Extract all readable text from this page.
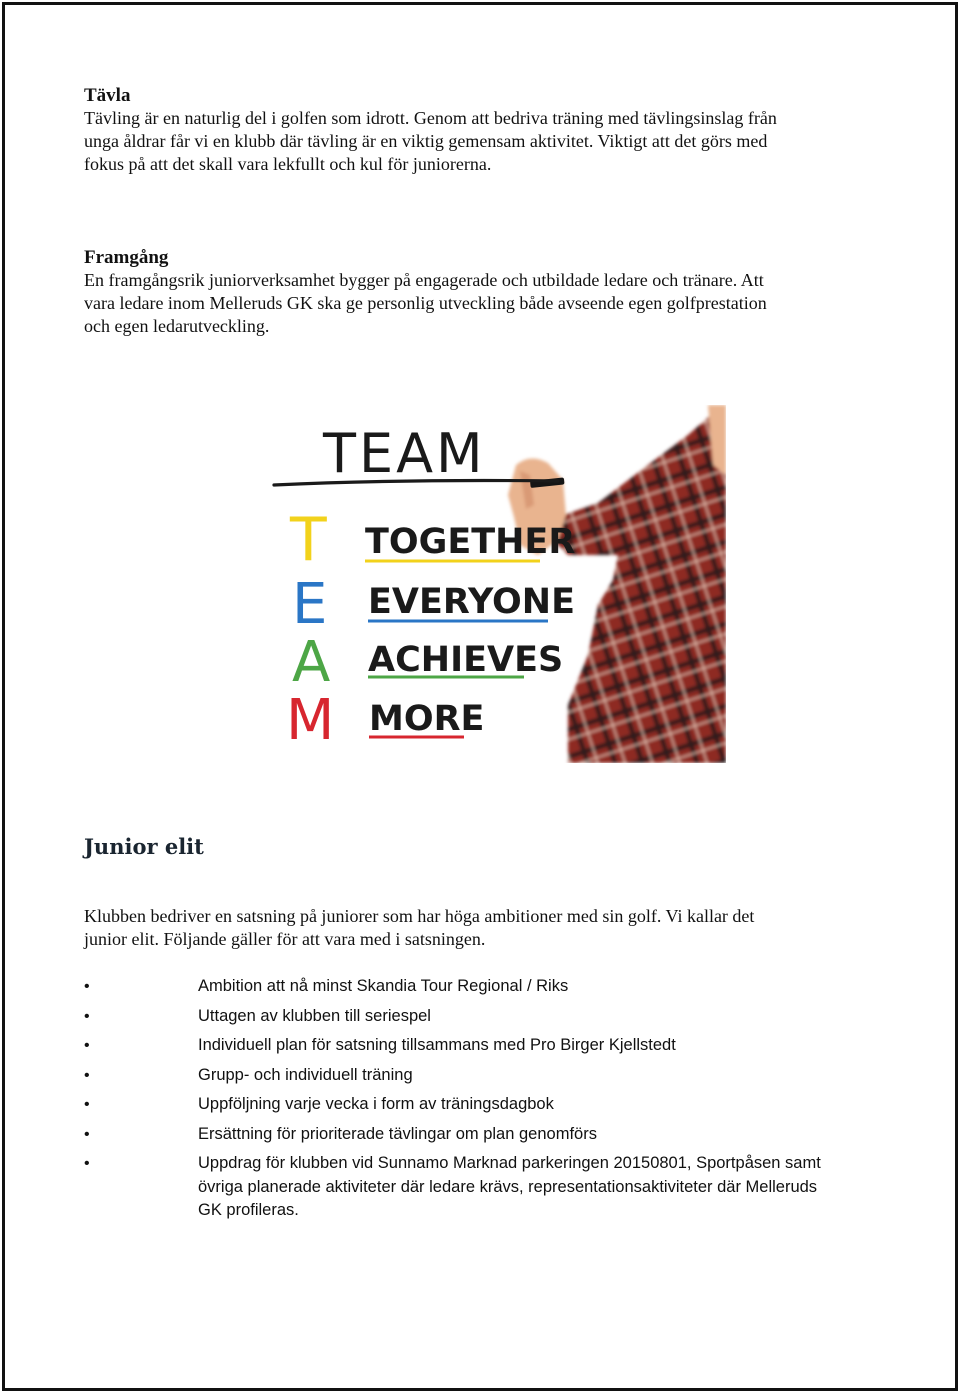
Tävla
Tävling är en naturlig del i golfen som idrott. Genom att bedriva träning med tävlingsinslag från
unga åldrar får vi en klubb där tävling är en viktig gemensam aktivitet. Viktigt att det görs med
fokus på att det skall vara lekfullt och kul för juniorerna.
Framgång
En framgångsrik juniorverksamhet bygger på engagerade och utbildade ledare och tränare. Att
vara ledare inom Melleruds GK ska ge personlig utveckling både avseende egen golfprestation
och egen ledarutveckling.
TEAM
T
E
A
M
TOGETHER
EVERYONE
ACHIEVES
MORE
Junior elit
Klubben bedriver en satsning på juniorer som har höga ambitioner med sin golf. Vi kallar det
junior elit. Följande gäller för att vara med i satsningen.
•	Ambition att nå minst Skandia Tour Regional / Riks
•	Uttagen av klubben till seriespel
•	Individuell plan för satsning tillsammans med Pro Birger Kjellstedt
•	Grupp- och individuell träning
•	Uppföljning varje vecka i form av träningsdagbok
•	Ersättning för prioriterade tävlingar om plan genomförs
•	Uppdrag för klubben vid Sunnamo Marknad parkeringen 20150801, Sportpåsen samt
övriga planerade aktiviteter där ledare krävs, representationsaktiviteter där Melleruds
GK profileras.
